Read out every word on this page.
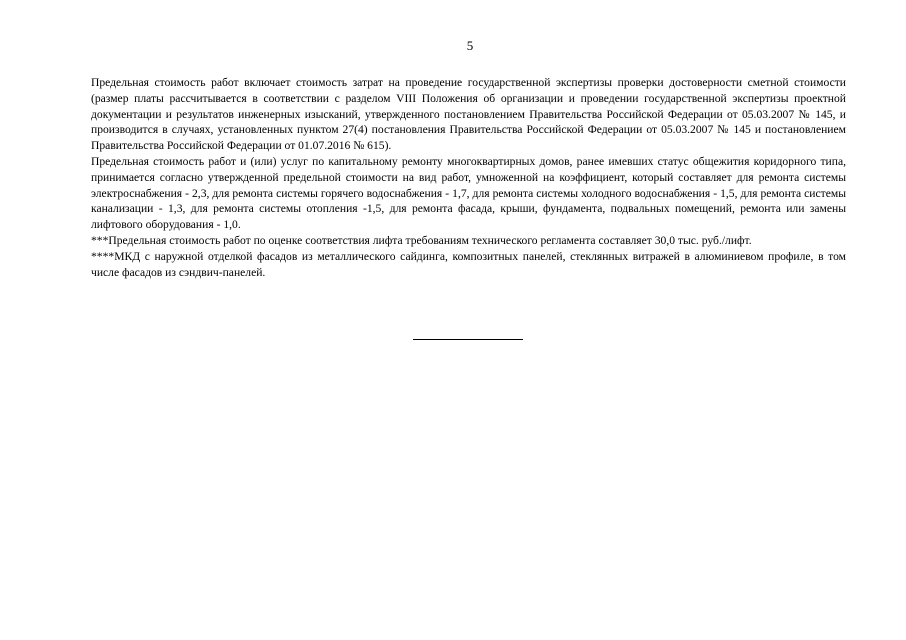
5

Предельная стоимость работ включает стоимость затрат на проведение государственной экспертизы проверки достоверности сметной стоимости (размер платы рассчитывается в соответствии с разделом VIII Положения об организации и проведении государственной экспертизы проектной документации и результатов инженерных изысканий, утвержденного постановлением Правительства Российской Федерации от 05.03.2007 № 145, и производится в случаях, установленных пунктом 27(4) постановления Правительства Российской Федерации от 05.03.2007 № 145 и постановлением Правительства Российской Федерации от 01.07.2016 № 615).

Предельная стоимость работ и (или) услуг по капитальному ремонту многоквартирных домов, ранее имевших статус общежития коридорного типа, принимается согласно утвержденной предельной стоимости на вид работ, умноженной на коэффициент, который составляет для ремонта системы электроснабжения - 2,3, для ремонта системы горячего водоснабжения - 1,7, для ремонта системы холодного водоснабжения - 1,5, для ремонта системы канализации - 1,3, для ремонта системы отопления -1,5, для ремонта фасада, крыши, фундамента, подвальных помещений, ремонта или замены лифтового оборудования - 1,0.

***Предельная стоимость работ по оценке соответствия лифта требованиям технического регламента составляет 30,0 тыс. руб./лифт.

****МКД с наружной отделкой фасадов из металлического сайдинга, композитных панелей, стеклянных витражей в алюминиевом профиле, в том числе фасадов из сэндвич-панелей.
